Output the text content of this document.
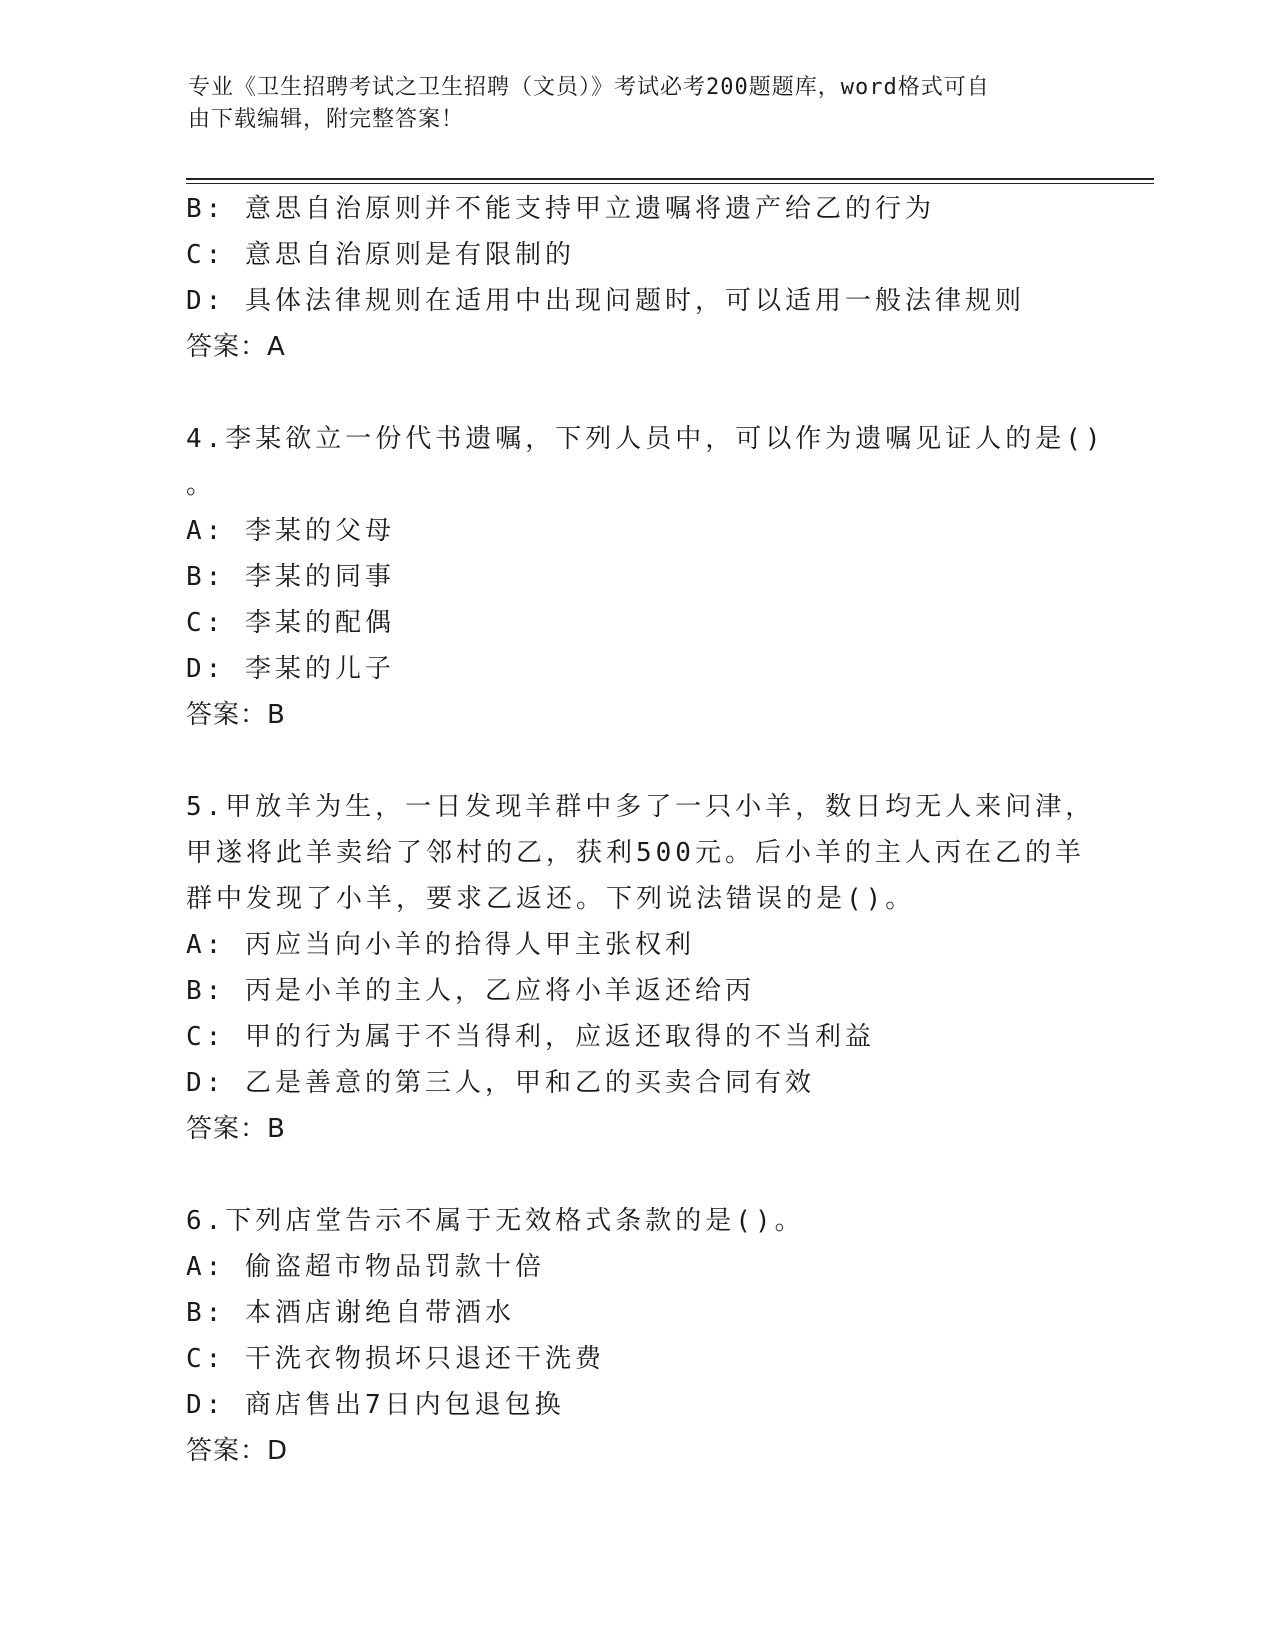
专业《卫生招聘考试之卫生招聘（文员）》考试必考200题题库，word格式可自
由下载编辑，附完整答案！
B: 意思自治原则并不能支持甲立遗嘱将遗产给乙的行为
C: 意思自治原则是有限制的
D: 具体法律规则在适用中出现问题时，可以适用一般法律规则
答案：A
4.李某欲立一份代书遗嘱，下列人员中，可以作为遗嘱见证人的是()
。
A: 李某的父母
B: 李某的同事
C: 李某的配偶
D: 李某的儿子
答案：B
5.甲放羊为生，一日发现羊群中多了一只小羊，数日均无人来问津，
甲遂将此羊卖给了邻村的乙，获利500元。后小羊的主人丙在乙的羊
群中发现了小羊，要求乙返还。下列说法错误的是()。
A: 丙应当向小羊的拾得人甲主张权利
B: 丙是小羊的主人，乙应将小羊返还给丙
C: 甲的行为属于不当得利，应返还取得的不当利益
D: 乙是善意的第三人，甲和乙的买卖合同有效
答案：B
6.下列店堂告示不属于无效格式条款的是()。
A: 偷盗超市物品罚款十倍
B: 本酒店谢绝自带酒水
C: 干洗衣物损坏只退还干洗费
D: 商店售出7日内包退包换
答案：D
